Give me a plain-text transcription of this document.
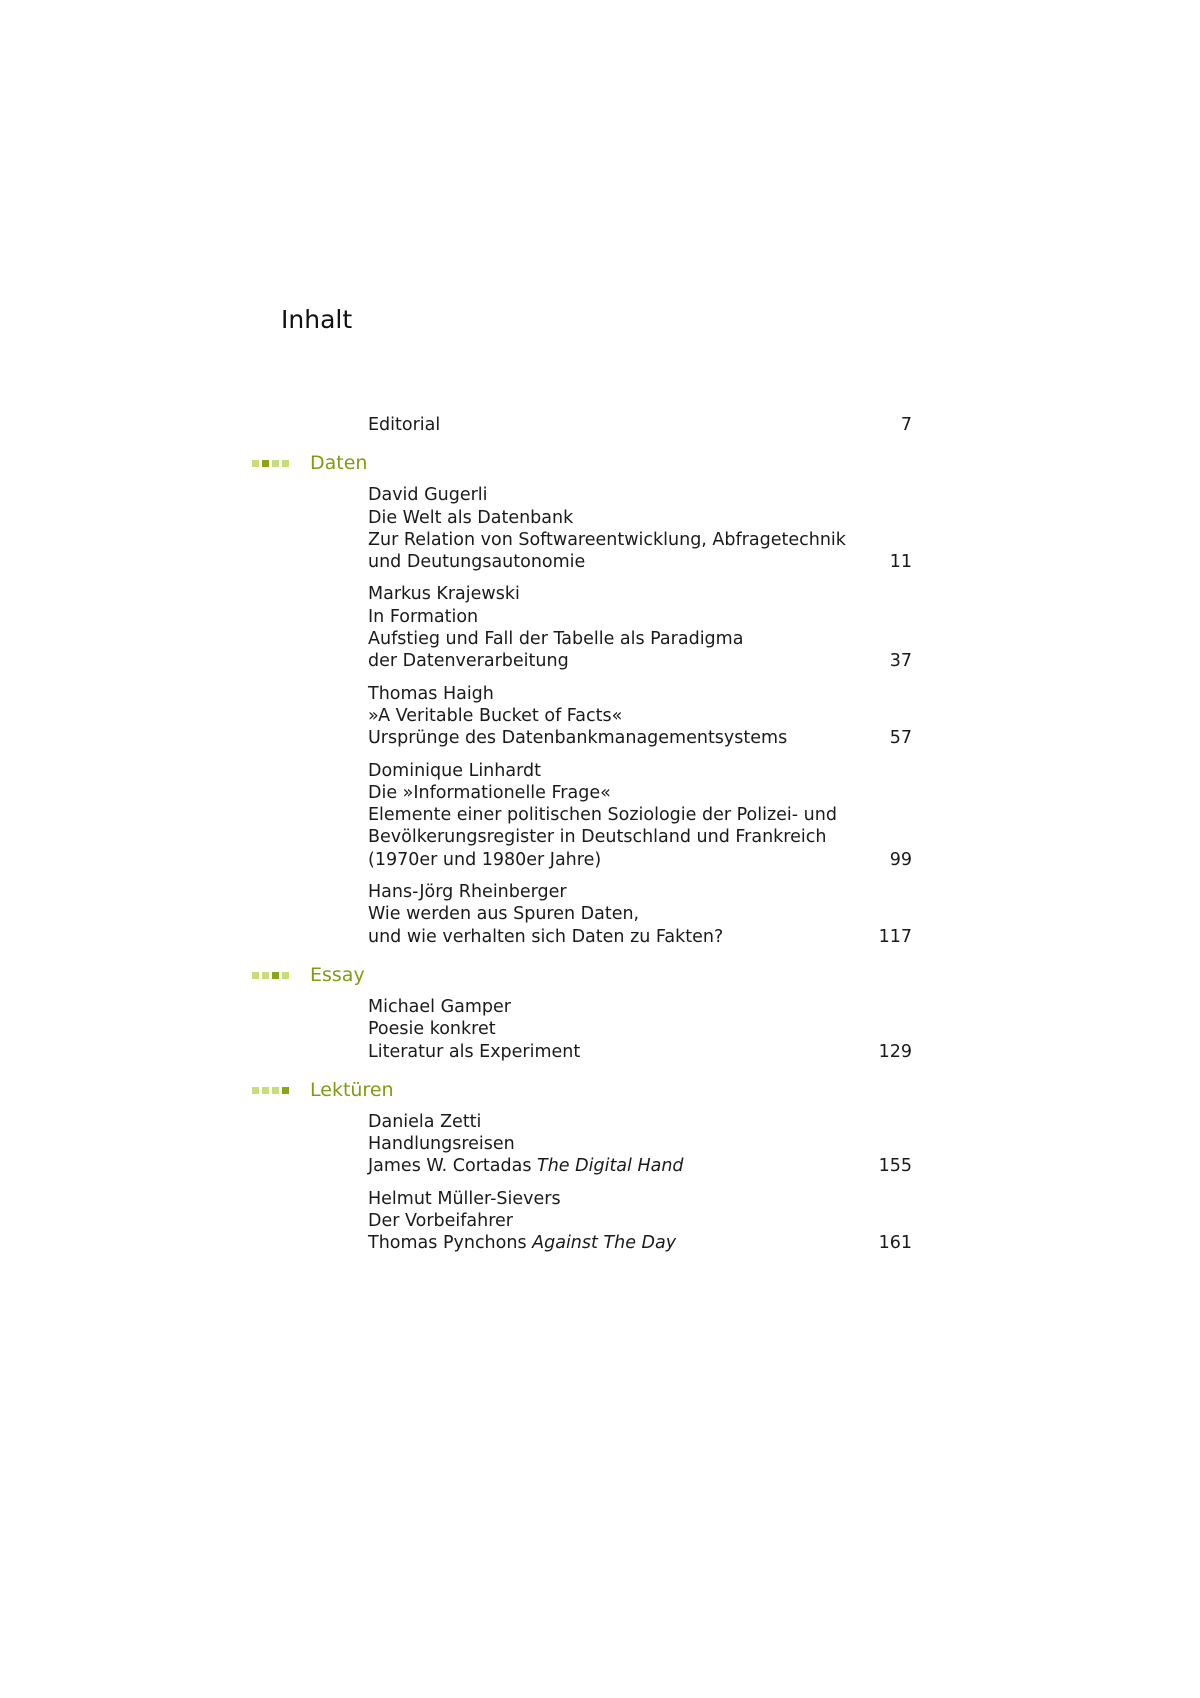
Inhalt
Editorial	7
Daten
David Gugerli
Die Welt als Datenbank
Zur Relation von Softwareentwicklung, Abfragetechnik
und Deutungsautonomie	11
Markus Krajewski
In Formation
Aufstieg und Fall der Tabelle als Paradigma
der Datenverarbeitung	37
Thomas Haigh
»A Veritable Bucket of Facts«
Ursprünge des Datenbankmanagementsystems	57
Dominique Linhardt
Die »Informationelle Frage«
Elemente einer politischen Soziologie der Polizei- und
Bevölkerungsregister in Deutschland und Frankreich
(1970er und 1980er Jahre)	99
Hans-Jörg Rheinberger
Wie werden aus Spuren Daten,
und wie verhalten sich Daten zu Fakten?	117
Essay
Michael Gamper
Poesie konkret
Literatur als Experiment	129
Lektüren
Daniela Zetti
Handlungsreisen
James W. Cortadas The Digital Hand	155
Helmut Müller-Sievers
Der Vorbeifahrer
Thomas Pynchons Against The Day	161
